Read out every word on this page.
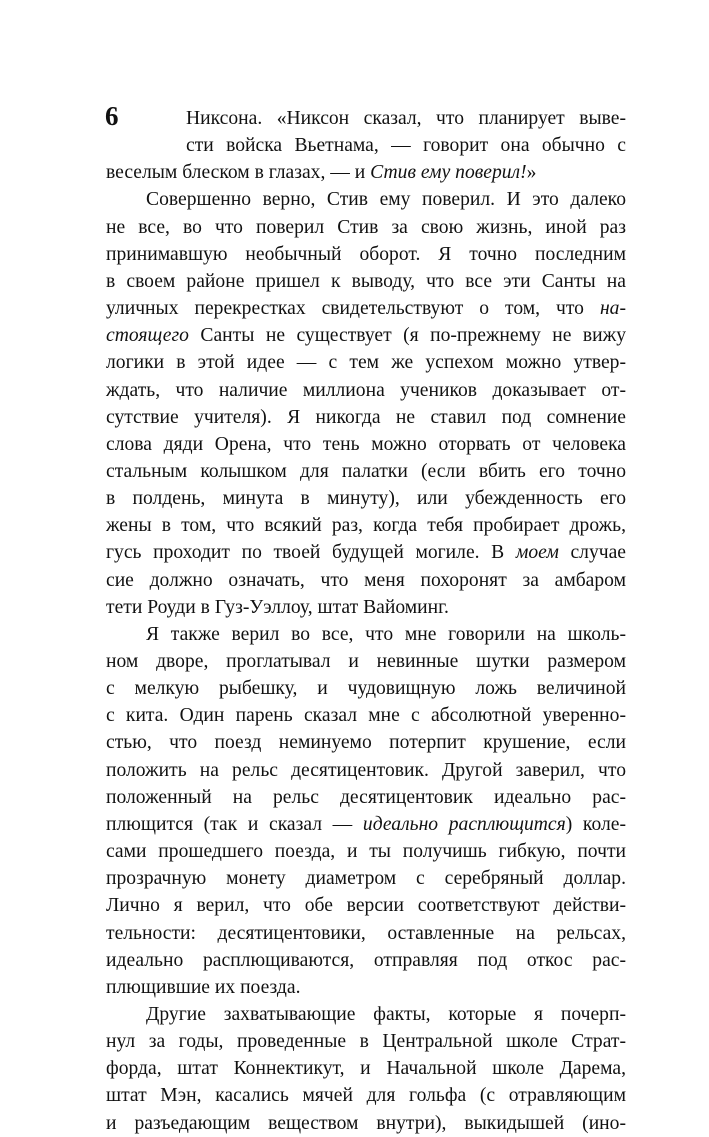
6	Никсона. «Никсон сказал, что планирует выве-
сти войска Вьетнама, — говорит она обычно с
веселым блеском в глазах, — и Стив ему поверил!»
Совершенно верно, Стив ему поверил. И это далеко
не все, во что поверил Стив за свою жизнь, иной раз
принимавшую необычный оборот. Я точно последним
в своем районе пришел к выводу, что все эти Санты на
уличных перекрестках свидетельствуют о том, что на-
стоящего Санты не существует (я по-прежнему не вижу
логики в этой идее — с тем же успехом можно утвер-
ждать, что наличие миллиона учеников доказывает от-
сутствие учителя). Я никогда не ставил под сомнение
слова дяди Орена, что тень можно оторвать от человека
стальным колышком для палатки (если вбить его точно
в полдень, минута в минуту), или убежденность его
жены в том, что всякий раз, когда тебя пробирает дрожь,
гусь проходит по твоей будущей могиле. В моем случае
сие должно означать, что меня похоронят за амбаром
тети Роуди в Гуз-Уэллоу, штат Вайоминг.
Я также верил во все, что мне говорили на школь-
ном дворе, проглатывал и невинные шутки размером
с мелкую рыбешку, и чудовищную ложь величиной
с кита. Один парень сказал мне с абсолютной увереннo-
стью, что поезд неминуемо потерпит крушение, если
положить на рельс десятицентовик. Другой заверил, что
положенный на рельс десятицентовик идеально рас-
плющится (так и сказал — идеально расплющится) коле-
сами прошедшего поезда, и ты получишь гибкую, почти
прозрачную монету диаметром с серебряный доллар.
Лично я верил, что обе версии соответствуют действи-
тельности: десятицентовики, оставленные на рельсах,
идеально расплющиваются, отправляя под откос рас-
плющившие их поезда.
Другие захватывающие факты, которые я почерп-
нул за годы, проведенные в Центральной школе Страт-
форда, штат Коннектикут, и Начальной школе Дарема,
штат Мэн, касались мячей для гольфа (с отравляющим
и разъедающим веществом внутри), выкидышей (ино-
